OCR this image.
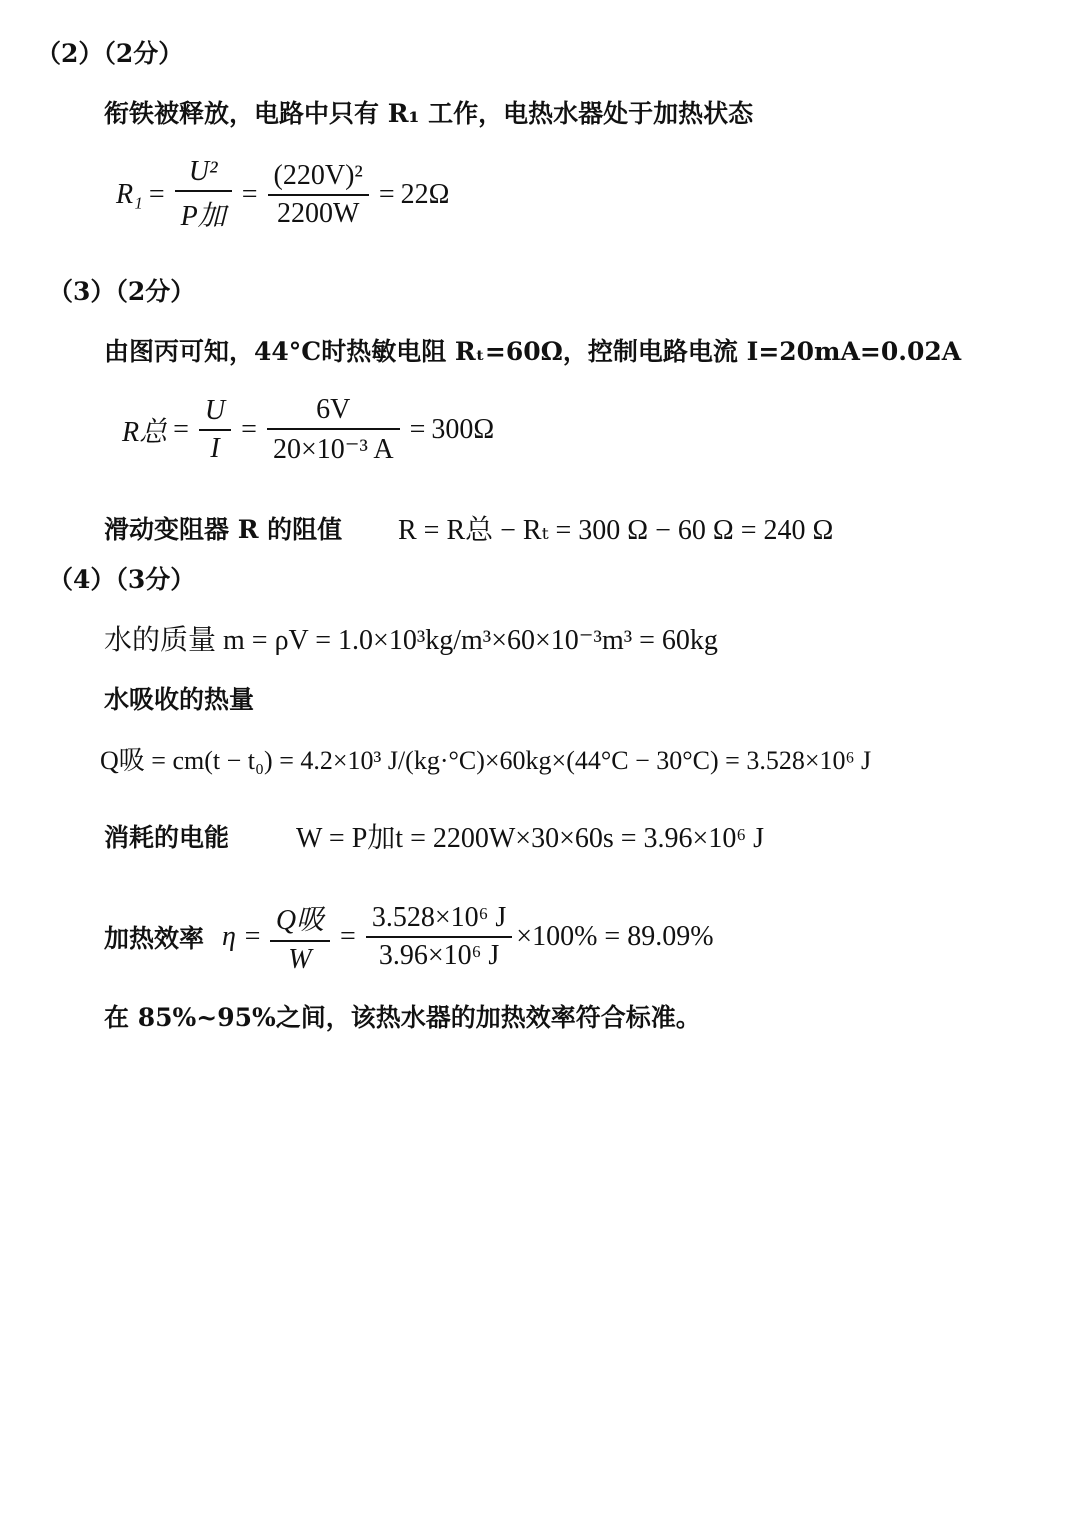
（2）（2分）
衔铁被释放，电路中只有 R₁ 工作，电热水器处于加热状态
$R_1 = \frac{\text{U²}}{\text{P加}} = \frac{\text{(220V)²}}{2200W} = 22\Omega$
（3）（2分）
由图丙可知，44°C时热敏电阻 Rₜ=60Ω，控制电路电流 I=20mA=0.02A
R总 = $\frac{U}{I} = \frac{6V}{\text{20×10⁻³ A}} = 300\Omega$
滑动变阻器 R 的阻值 R = R总 − Rₜ = 300 Ω − 60 Ω = 240 Ω
（4）（3分）
水的质量 m = ρV = 1.0×10³kg/m³×60×10⁻³m³ = 60kg
水吸收的热量
Q吸 = cm(t − t₀) = 4.2×10³ J/(kg·°C)×60kg×(44°C − 30°C) = 3.528×10⁶ J
消耗的电能 W = P加t = 2200W×30×60s = 3.96×10⁶ J
加热效率 $\eta = \frac{\text{Q吸}}{W} = \frac{\text{3.528×10⁶ J}}{\text{3.96×10⁶ J}} \times 100\% = 89.09\%$
在 85%~95%之间，该热水器的加热效率符合标准。
